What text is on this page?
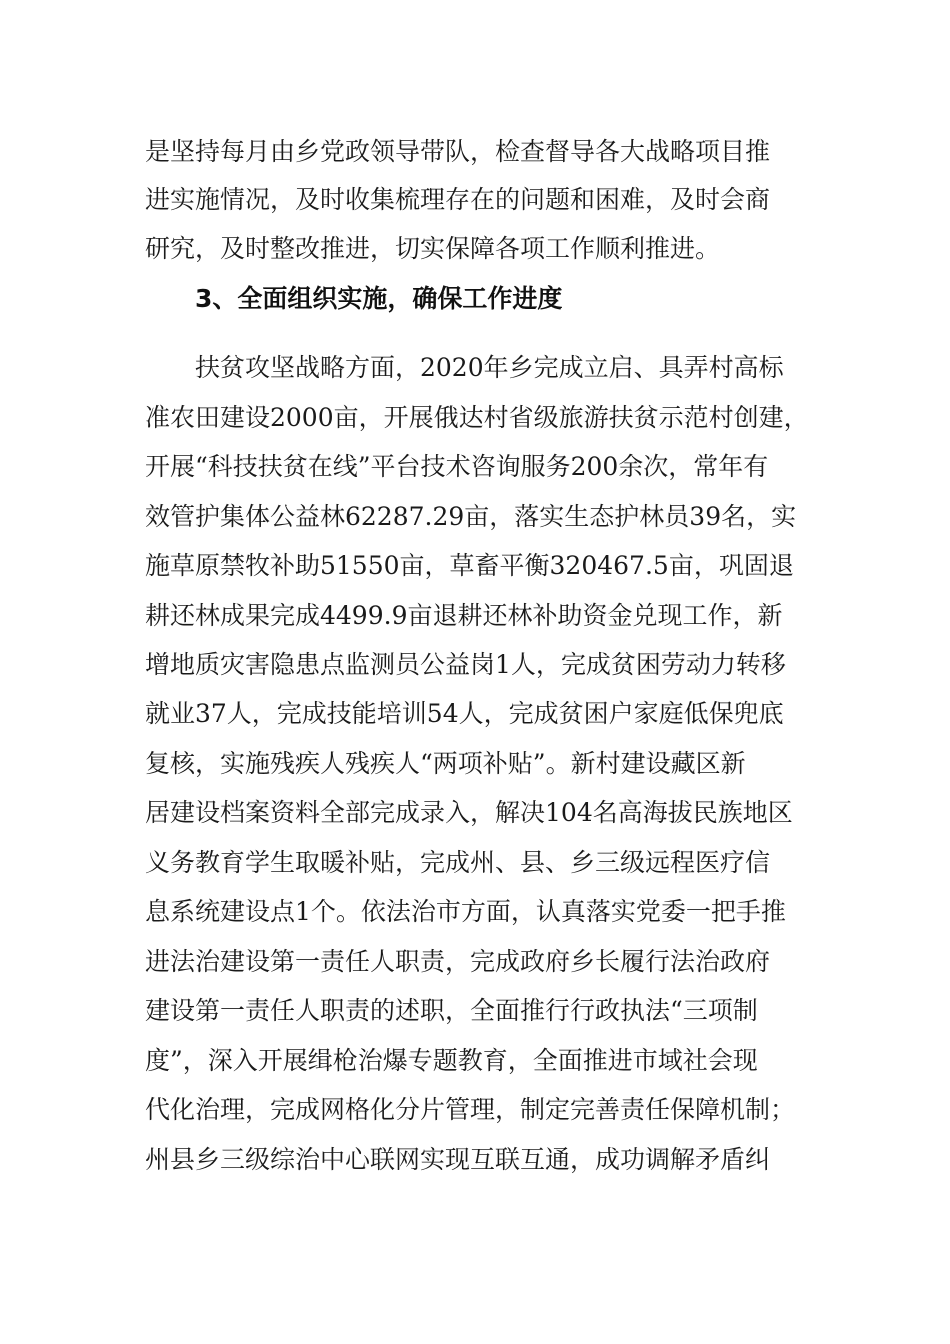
是坚持每月由乡党政领导带队，检查督导各大战略项目推
进实施情况，及时收集梳理存在的问题和困难，及时会商
研究，及时整改推进，切实保障各项工作顺利推进。
3、全面组织实施，确保工作进度
扶贫攻坚战略方面，2020年乡完成立启、具弄村高标
准农田建设2000亩，开展俄达村省级旅游扶贫示范村创建，
开展“科技扶贫在线”平台技术咨询服务200余次，常年有
效管护集体公益林62287.29亩，落实生态护林员39名，实
施草原禁牧补助51550亩，草畜平衡320467.5亩，巩固退
耕还林成果完成4499.9亩退耕还林补助资金兑现工作，新
增地质灾害隐患点监测员公益岗1人，完成贫困劳动力转移
就业37人，完成技能培训54人，完成贫困户家庭低保兜底
复核，实施残疾人残疾人“两项补贴”。新村建设藏区新
居建设档案资料全部完成录入，解决104名高海拔民族地区
义务教育学生取暖补贴，完成州、县、乡三级远程医疗信
息系统建设点1个。依法治市方面，认真落实党委一把手推
进法治建设第一责任人职责，完成政府乡长履行法治政府
建设第一责任人职责的述职，全面推行行政执法“三项制
度”，深入开展缉枪治爆专题教育，全面推进市域社会现
代化治理，完成网格化分片管理，制定完善责任保障机制；
州县乡三级综治中心联网实现互联互通，成功调解矛盾纠
